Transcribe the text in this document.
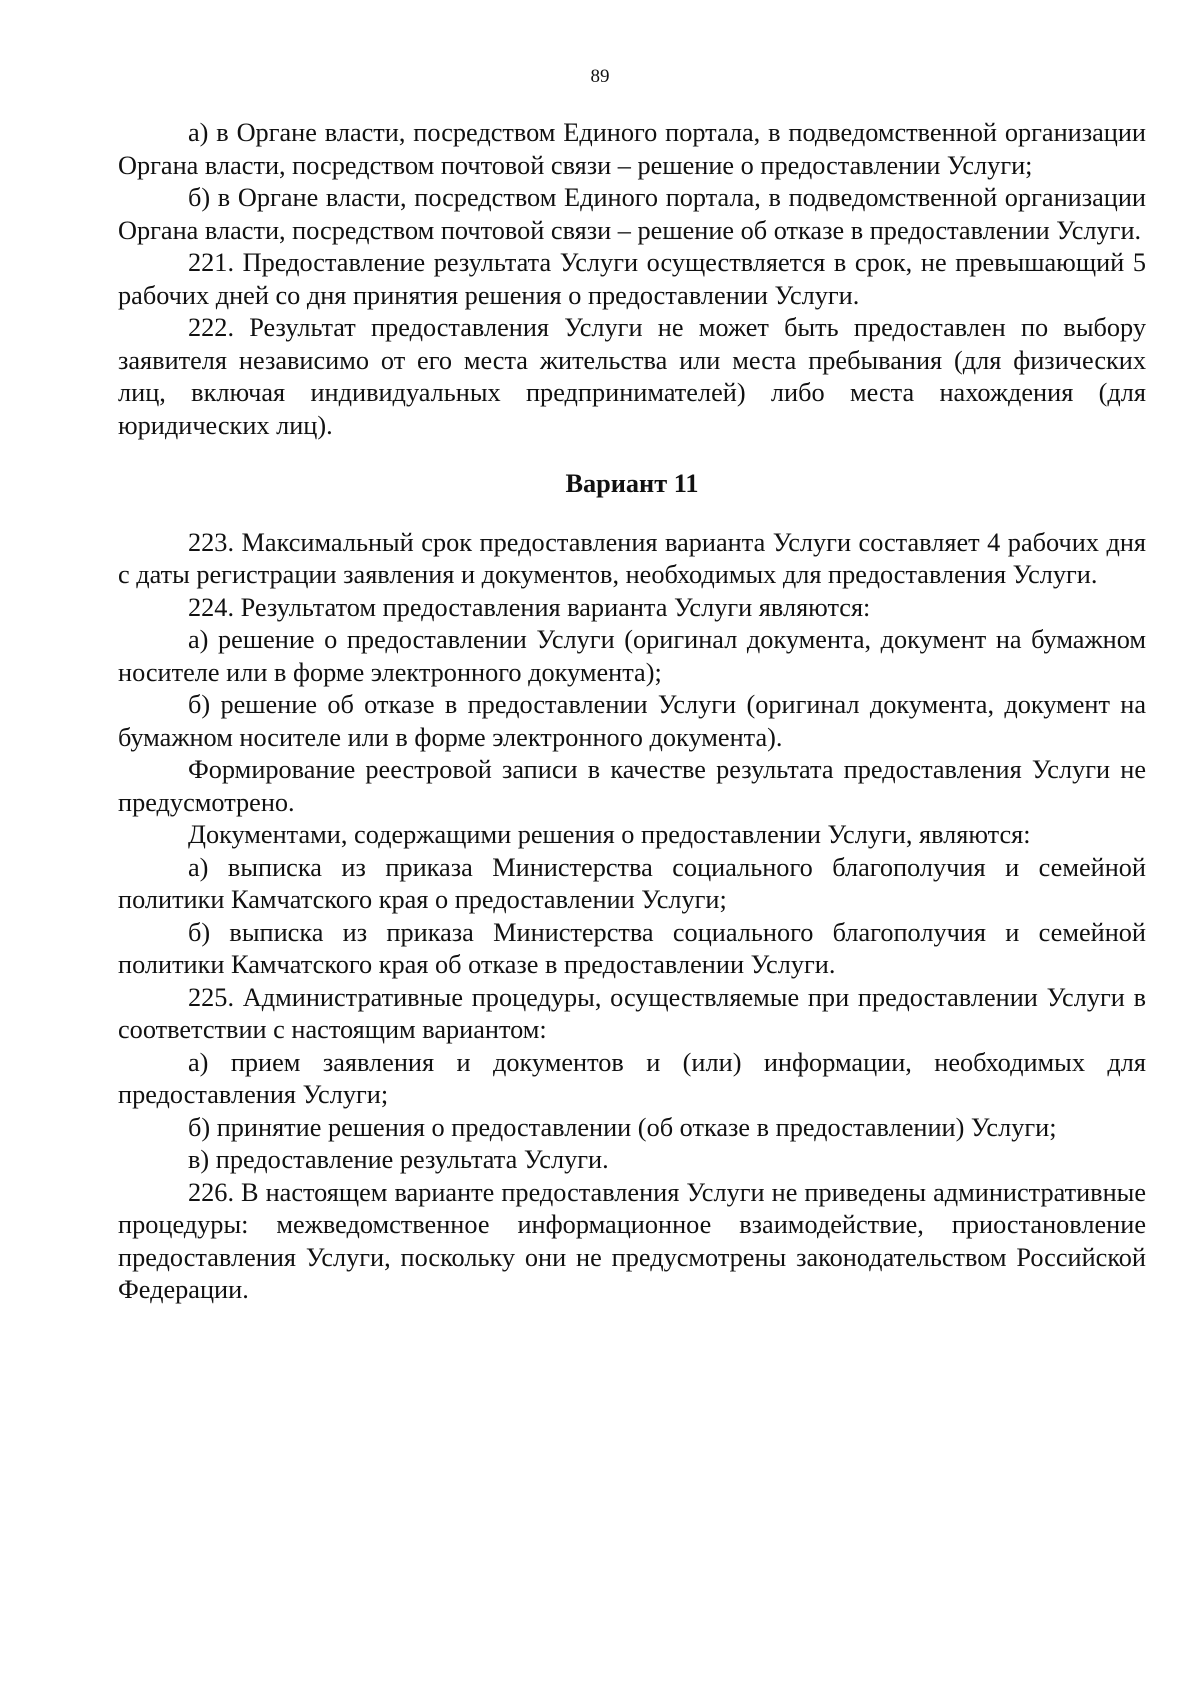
89

а) в Органе власти, посредством Единого портала, в подведомственной организации Органа власти, посредством почтовой связи – решение о предоставлении Услуги;

б) в Органе власти, посредством Единого портала, в подведомственной организации Органа власти, посредством почтовой связи – решение об отказе в предоставлении Услуги.

221. Предоставление результата Услуги осуществляется в срок, не превышающий 5 рабочих дней со дня принятия решения о предоставлении Услуги.

222. Результат предоставления Услуги не может быть предоставлен по выбору заявителя независимо от его места жительства или места пребывания (для физических лиц, включая индивидуальных предпринимателей) либо места нахождения (для юридических лиц).

Вариант 11

223. Максимальный срок предоставления варианта Услуги составляет 4 рабочих дня с даты регистрации заявления и документов, необходимых для предоставления Услуги.

224. Результатом предоставления варианта Услуги являются:

а) решение о предоставлении Услуги (оригинал документа, документ на бумажном носителе или в форме электронного документа);

б) решение об отказе в предоставлении Услуги (оригинал документа, документ на бумажном носителе или в форме электронного документа).

Формирование реестровой записи в качестве результата предоставления Услуги не предусмотрено.

Документами, содержащими решения о предоставлении Услуги, являются:

а) выписка из приказа Министерства социального благополучия и семейной политики Камчатского края о предоставлении Услуги;

б) выписка из приказа Министерства социального благополучия и семейной политики Камчатского края об отказе в предоставлении Услуги.

225. Административные процедуры, осуществляемые при предоставлении Услуги в соответствии с настоящим вариантом:

а) прием заявления и документов и (или) информации, необходимых для предоставления Услуги;

б) принятие решения о предоставлении (об отказе в предоставлении) Услуги;

в) предоставление результата Услуги.

226. В настоящем варианте предоставления Услуги не приведены административные процедуры: межведомственное информационное взаимодействие, приостановление предоставления Услуги, поскольку они не предусмотрены законодательством Российской Федерации.
